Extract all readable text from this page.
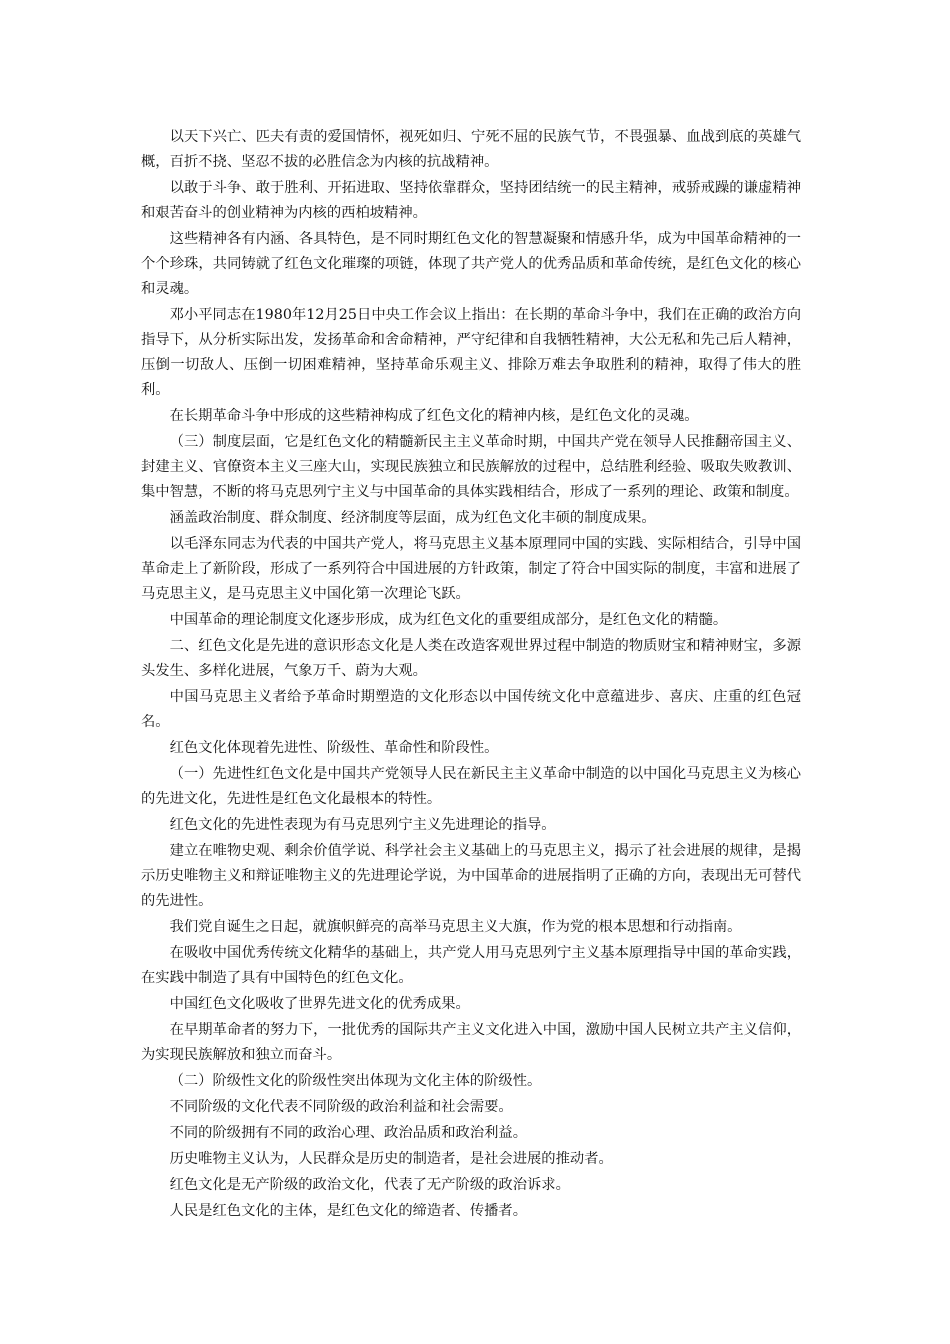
以天下兴亡、匹夫有责的爱国情怀，视死如归、宁死不屈的民族气节，不畏强暴、血战到底的英雄气概，百折不挠、坚忍不拔的必胜信念为内核的抗战精神。

以敢于斗争、敢于胜利、开拓进取、坚持依靠群众，坚持团结统一的民主精神，戒骄戒躁的谦虚精神和艰苦奋斗的创业精神为内核的西柏坡精神。

这些精神各有内涵、各具特色，是不同时期红色文化的智慧凝聚和情感升华，成为中国革命精神的一个个珍珠，共同铸就了红色文化璀璨的项链，体现了共产党人的优秀品质和革命传统，是红色文化的核心和灵魂。

邓小平同志在1980年12月25日中央工作会议上指出：在长期的革命斗争中，我们在正确的政治方向指导下，从分析实际出发，发扬革命和舍命精神，严守纪律和自我牺牲精神，大公无私和先己后人精神，压倒一切敌人、压倒一切困难精神，坚持革命乐观主义、排除万难去争取胜利的精神，取得了伟大的胜利。

在长期革命斗争中形成的这些精神构成了红色文化的精神内核，是红色文化的灵魂。

（三）制度层面，它是红色文化的精髓新民主主义革命时期，中国共产党在领导人民推翻帝国主义、封建主义、官僚资本主义三座大山，实现民族独立和民族解放的过程中，总结胜利经验、吸取失败教训、集中智慧，不断的将马克思列宁主义与中国革命的具体实践相结合，形成了一系列的理论、政策和制度。

涵盖政治制度、群众制度、经济制度等层面，成为红色文化丰硕的制度成果。

以毛泽东同志为代表的中国共产党人，将马克思主义基本原理同中国的实践、实际相结合，引导中国革命走上了新阶段，形成了一系列符合中国进展的方针政策，制定了符合中国实际的制度，丰富和进展了马克思主义，是马克思主义中国化第一次理论飞跃。

中国革命的理论制度文化逐步形成，成为红色文化的重要组成部分，是红色文化的精髓。

二、红色文化是先进的意识形态文化是人类在改造客观世界过程中制造的物质财宝和精神财宝，多源头发生、多样化进展，气象万千、蔚为大观。

中国马克思主义者给予革命时期塑造的文化形态以中国传统文化中意蕴进步、喜庆、庄重的红色冠名。

红色文化体现着先进性、阶级性、革命性和阶段性。

（一）先进性红色文化是中国共产党领导人民在新民主主义革命中制造的以中国化马克思主义为核心的先进文化，先进性是红色文化最根本的特性。

红色文化的先进性表现为有马克思列宁主义先进理论的指导。

建立在唯物史观、剩余价值学说、科学社会主义基础上的马克思主义，揭示了社会进展的规律，是揭示历史唯物主义和辩证唯物主义的先进理论学说，为中国革命的进展指明了正确的方向，表现出无可替代的先进性。

我们党自诞生之日起，就旗帜鲜亮的高举马克思主义大旗，作为党的根本思想和行动指南。

在吸收中国优秀传统文化精华的基础上，共产党人用马克思列宁主义基本原理指导中国的革命实践，在实践中制造了具有中国特色的红色文化。

中国红色文化吸收了世界先进文化的优秀成果。

在早期革命者的努力下，一批优秀的国际共产主义文化进入中国，激励中国人民树立共产主义信仰，为实现民族解放和独立而奋斗。

（二）阶级性文化的阶级性突出体现为文化主体的阶级性。

不同阶级的文化代表不同阶级的政治利益和社会需要。

不同的阶级拥有不同的政治心理、政治品质和政治利益。

历史唯物主义认为，人民群众是历史的制造者，是社会进展的推动者。

红色文化是无产阶级的政治文化，代表了无产阶级的政治诉求。

人民是红色文化的主体，是红色文化的缔造者、传播者。
